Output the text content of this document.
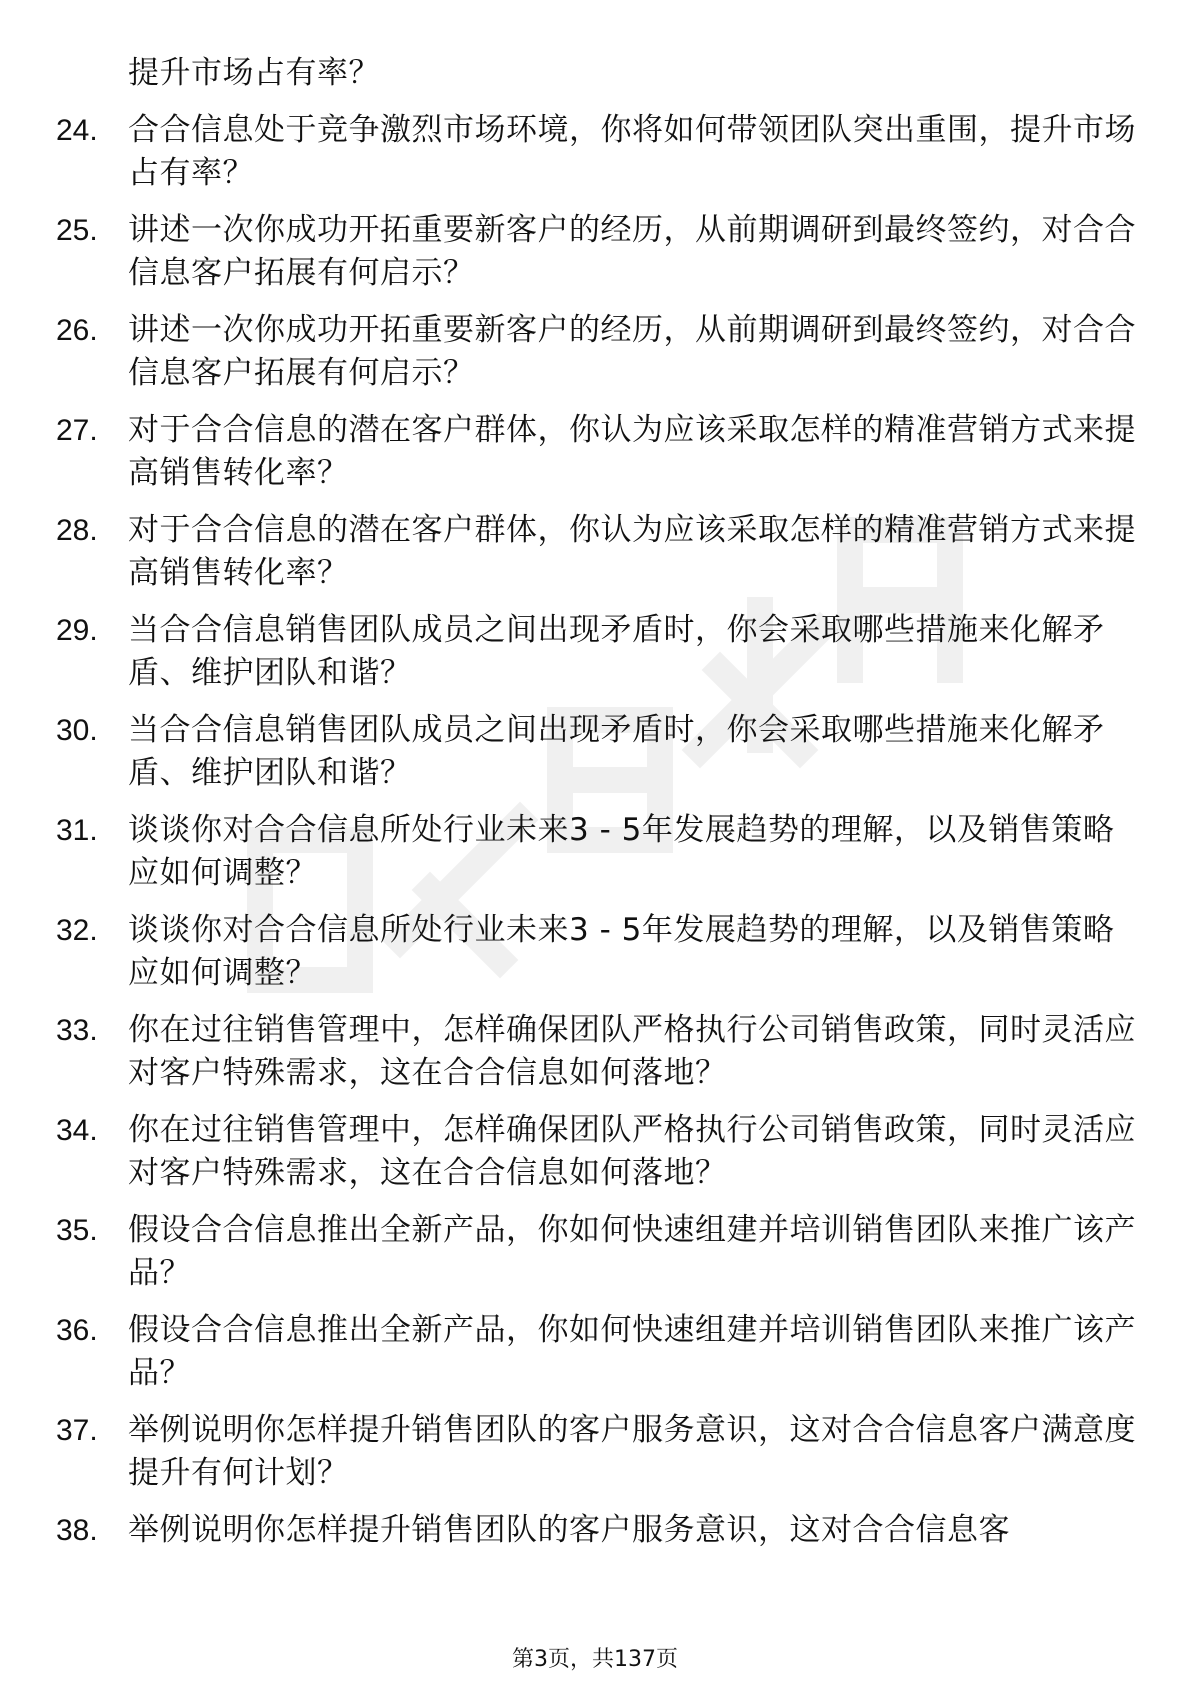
提升市场占有率？
24. 合合信息处于竞争激烈市场环境，你将如何带领团队突出重围，提升市场占有率？
25. 讲述一次你成功开拓重要新客户的经历，从前期调研到最终签约，对合合信息客户拓展有何启示？
26. 讲述一次你成功开拓重要新客户的经历，从前期调研到最终签约，对合合信息客户拓展有何启示？
27. 对于合合信息的潜在客户群体，你认为应该采取怎样的精准营销方式来提高销售转化率？
28. 对于合合信息的潜在客户群体，你认为应该采取怎样的精准营销方式来提高销售转化率？
29. 当合合信息销售团队成员之间出现矛盾时，你会采取哪些措施来化解矛盾、维护团队和谐？
30. 当合合信息销售团队成员之间出现矛盾时，你会采取哪些措施来化解矛盾、维护团队和谐？
31. 谈谈你对合合信息所处行业未来3 - 5年发展趋势的理解，以及销售策略应如何调整？
32. 谈谈你对合合信息所处行业未来3 - 5年发展趋势的理解，以及销售策略应如何调整？
33. 你在过往销售管理中，怎样确保团队严格执行公司销售政策，同时灵活应对客户特殊需求，这在合合信息如何落地？
34. 你在过往销售管理中，怎样确保团队严格执行公司销售政策，同时灵活应对客户特殊需求，这在合合信息如何落地？
35. 假设合合信息推出全新产品，你如何快速组建并培训销售团队来推广该产品？
36. 假设合合信息推出全新产品，你如何快速组建并培训销售团队来推广该产品？
37. 举例说明你怎样提升销售团队的客户服务意识，这对合合信息客户满意度提升有何计划？
38. 举例说明你怎样提升销售团队的客户服务意识，这对合合信息客
第3页，共137页
